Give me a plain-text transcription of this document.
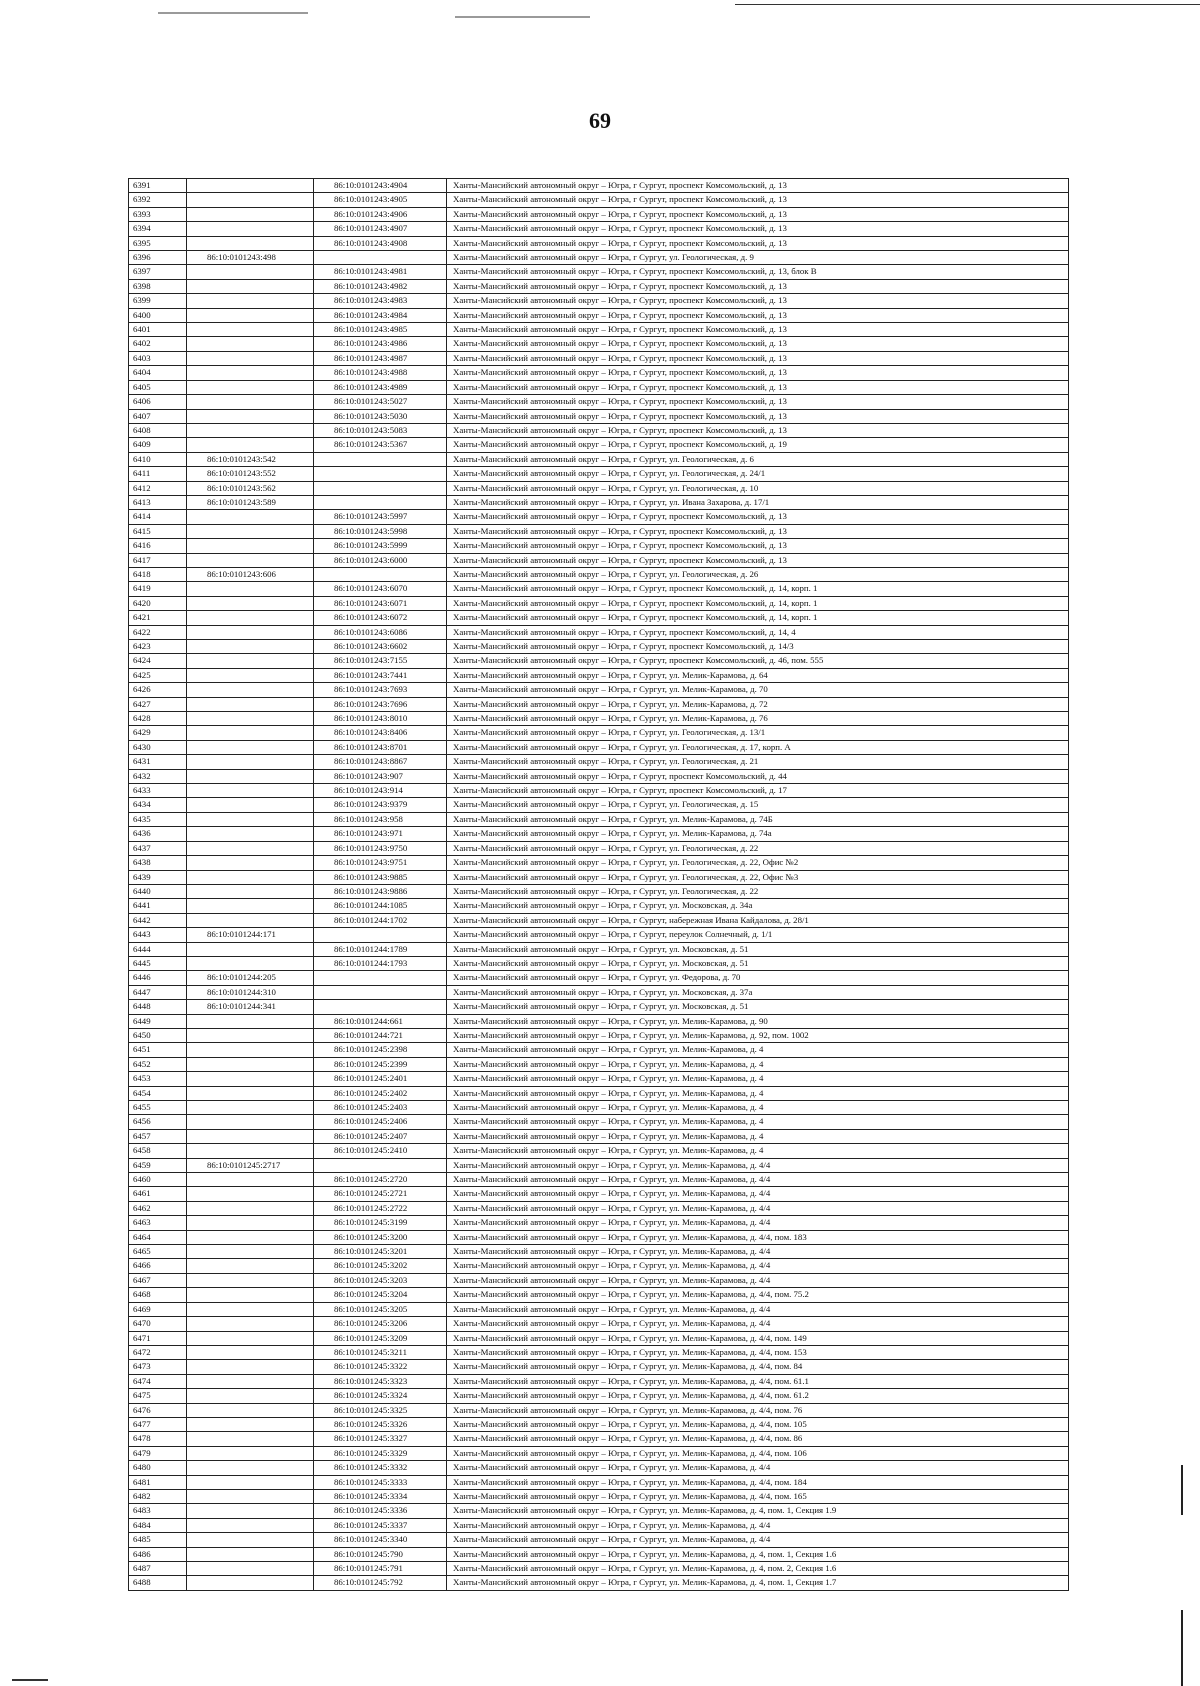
69
6391		86:10:0101243:4904	Ханты-Мансийский автономный округ – Югра, г Сургут, проспект Комсомольский, д. 13
6392		86:10:0101243:4905	Ханты-Мансийский автономный округ – Югра, г Сургут, проспект Комсомольский, д. 13
6393		86:10:0101243:4906	Ханты-Мансийский автономный округ – Югра, г Сургут, проспект Комсомольский, д. 13
6394		86:10:0101243:4907	Ханты-Мансийский автономный округ – Югра, г Сургут, проспект Комсомольский, д. 13
6395		86:10:0101243:4908	Ханты-Мансийский автономный округ – Югра, г Сургут, проспект Комсомольский, д. 13
6396	86:10:0101243:498		Ханты-Мансийский автономный округ – Югра, г Сургут, ул. Геологическая, д. 9
6397		86:10:0101243:4981	Ханты-Мансийский автономный округ – Югра, г Сургут, проспект Комсомольский, д. 13, блок В
6398		86:10:0101243:4982	Ханты-Мансийский автономный округ – Югра, г Сургут, проспект Комсомольский, д. 13
6399		86:10:0101243:4983	Ханты-Мансийский автономный округ – Югра, г Сургут, проспект Комсомольский, д. 13
6400		86:10:0101243:4984	Ханты-Мансийский автономный округ – Югра, г Сургут, проспект Комсомольский, д. 13
6401		86:10:0101243:4985	Ханты-Мансийский автономный округ – Югра, г Сургут, проспект Комсомольский, д. 13
6402		86:10:0101243:4986	Ханты-Мансийский автономный округ – Югра, г Сургут, проспект Комсомольский, д. 13
6403		86:10:0101243:4987	Ханты-Мансийский автономный округ – Югра, г Сургут, проспект Комсомольский, д. 13
6404		86:10:0101243:4988	Ханты-Мансийский автономный округ – Югра, г Сургут, проспект Комсомольский, д. 13
6405		86:10:0101243:4989	Ханты-Мансийский автономный округ – Югра, г Сургут, проспект Комсомольский, д. 13
6406		86:10:0101243:5027	Ханты-Мансийский автономный округ – Югра, г Сургут, проспект Комсомольский, д. 13
6407		86:10:0101243:5030	Ханты-Мансийский автономный округ – Югра, г Сургут, проспект Комсомольский, д. 13
6408		86:10:0101243:5083	Ханты-Мансийский автономный округ – Югра, г Сургут, проспект Комсомольский, д. 13
6409		86:10:0101243:5367	Ханты-Мансийский автономный округ – Югра, г Сургут, проспект Комсомольский, д. 19
6410	86:10:0101243:542		Ханты-Мансийский автономный округ – Югра, г Сургут, ул. Геологическая, д. 6
6411	86:10:0101243:552		Ханты-Мансийский автономный округ – Югра, г Сургут, ул. Геологическая, д. 24/1
6412	86:10:0101243:562		Ханты-Мансийский автономный округ – Югра, г Сургут, ул. Геологическая, д. 10
6413	86:10:0101243:589		Ханты-Мансийский автономный округ – Югра, г Сургут, ул. Ивана Захарова, д. 17/1
6414		86:10:0101243:5997	Ханты-Мансийский автономный округ – Югра, г Сургут, проспект Комсомольский, д. 13
6415		86:10:0101243:5998	Ханты-Мансийский автономный округ – Югра, г Сургут, проспект Комсомольский, д. 13
6416		86:10:0101243:5999	Ханты-Мансийский автономный округ – Югра, г Сургут, проспект Комсомольский, д. 13
6417		86:10:0101243:6000	Ханты-Мансийский автономный округ – Югра, г Сургут, проспект Комсомольский, д. 13
6418	86:10:0101243:606		Ханты-Мансийский автономный округ – Югра, г Сургут, ул. Геологическая, д. 26
6419		86:10:0101243:6070	Ханты-Мансийский автономный округ – Югра, г Сургут, проспект Комсомольский, д. 14, корп. 1
6420		86:10:0101243:6071	Ханты-Мансийский автономный округ – Югра, г Сургут, проспект Комсомольский, д. 14, корп. 1
6421		86:10:0101243:6072	Ханты-Мансийский автономный округ – Югра, г Сургут, проспект Комсомольский, д. 14, корп. 1
6422		86:10:0101243:6086	Ханты-Мансийский автономный округ – Югра, г Сургут, проспект Комсомольский, д. 14, 4
6423		86:10:0101243:6602	Ханты-Мансийский автономный округ – Югра, г Сургут, проспект Комсомольский, д. 14/3
6424		86:10:0101243:7155	Ханты-Мансийский автономный округ – Югра, г Сургут, проспект Комсомольский, д. 46, пом. 555
6425		86:10:0101243:7441	Ханты-Мансийский автономный округ – Югра, г Сургут, ул. Мелик-Карамова, д. 64
6426		86:10:0101243:7693	Ханты-Мансийский автономный округ – Югра, г Сургут, ул. Мелик-Карамова, д. 70
6427		86:10:0101243:7696	Ханты-Мансийский автономный округ – Югра, г Сургут, ул. Мелик-Карамова, д. 72
6428		86:10:0101243:8010	Ханты-Мансийский автономный округ – Югра, г Сургут, ул. Мелик-Карамова, д. 76
6429		86:10:0101243:8406	Ханты-Мансийский автономный округ – Югра, г Сургут, ул. Геологическая, д. 13/1
6430		86:10:0101243:8701	Ханты-Мансийский автономный округ – Югра, г Сургут, ул. Геологическая, д. 17, корп. А
6431		86:10:0101243:8867	Ханты-Мансийский автономный округ – Югра, г Сургут, ул. Геологическая, д. 21
6432		86:10:0101243:907	Ханты-Мансийский автономный округ – Югра, г Сургут, проспект Комсомольский, д. 44
6433		86:10:0101243:914	Ханты-Мансийский автономный округ – Югра, г Сургут, проспект Комсомольский, д. 17
6434		86:10:0101243:9379	Ханты-Мансийский автономный округ – Югра, г Сургут, ул. Геологическая, д. 15
6435		86:10:0101243:958	Ханты-Мансийский автономный округ – Югра, г Сургут, ул. Мелик-Карамова, д. 74Б
6436		86:10:0101243:971	Ханты-Мансийский автономный округ – Югра, г Сургут, ул. Мелик-Карамова, д. 74а
6437		86:10:0101243:9750	Ханты-Мансийский автономный округ – Югра, г Сургут, ул. Геологическая, д. 22
6438		86:10:0101243:9751	Ханты-Мансийский автономный округ – Югра, г Сургут, ул. Геологическая, д. 22, Офис №2
6439		86:10:0101243:9885	Ханты-Мансийский автономный округ – Югра, г Сургут, ул. Геологическая, д. 22, Офис №3
6440		86:10:0101243:9886	Ханты-Мансийский автономный округ – Югра, г Сургут, ул. Геологическая, д. 22
6441		86:10:0101244:1085	Ханты-Мансийский автономный округ – Югра, г Сургут, ул. Московская, д. 34а
6442		86:10:0101244:1702	Ханты-Мансийский автономный округ – Югра, г Сургут, набережная Ивана Кайдалова, д. 28/1
6443	86:10:0101244:171		Ханты-Мансийский автономный округ – Югра, г Сургут, переулок Солнечный, д. 1/1
6444		86:10:0101244:1789	Ханты-Мансийский автономный округ – Югра, г Сургут, ул. Московская, д. 51
6445		86:10:0101244:1793	Ханты-Мансийский автономный округ – Югра, г Сургут, ул. Московская, д. 51
6446	86:10:0101244:205		Ханты-Мансийский автономный округ – Югра, г Сургут, ул. Федорова, д. 70
6447	86:10:0101244:310		Ханты-Мансийский автономный округ – Югра, г Сургут, ул. Московская, д. 37а
6448	86:10:0101244:341		Ханты-Мансийский автономный округ – Югра, г Сургут, ул. Московская, д. 51
6449		86:10:0101244:661	Ханты-Мансийский автономный округ – Югра, г Сургут, ул. Мелик-Карамова, д. 90
6450		86:10:0101244:721	Ханты-Мансийский автономный округ – Югра, г Сургут, ул. Мелик-Карамова, д. 92, пом. 1002
6451		86:10:0101245:2398	Ханты-Мансийский автономный округ – Югра, г Сургут, ул. Мелик-Карамова, д. 4
6452		86:10:0101245:2399	Ханты-Мансийский автономный округ – Югра, г Сургут, ул. Мелик-Карамова, д. 4
6453		86:10:0101245:2401	Ханты-Мансийский автономный округ – Югра, г Сургут, ул. Мелик-Карамова, д. 4
6454		86:10:0101245:2402	Ханты-Мансийский автономный округ – Югра, г Сургут, ул. Мелик-Карамова, д. 4
6455		86:10:0101245:2403	Ханты-Мансийский автономный округ – Югра, г Сургут, ул. Мелик-Карамова, д. 4
6456		86:10:0101245:2406	Ханты-Мансийский автономный округ – Югра, г Сургут, ул. Мелик-Карамова, д. 4
6457		86:10:0101245:2407	Ханты-Мансийский автономный округ – Югра, г Сургут, ул. Мелик-Карамова, д. 4
6458		86:10:0101245:2410	Ханты-Мансийский автономный округ – Югра, г Сургут, ул. Мелик-Карамова, д. 4
6459	86:10:0101245:2717		Ханты-Мансийский автономный округ – Югра, г Сургут, ул. Мелик-Карамова, д. 4/4
6460		86:10:0101245:2720	Ханты-Мансийский автономный округ – Югра, г Сургут, ул. Мелик-Карамова, д. 4/4
6461		86:10:0101245:2721	Ханты-Мансийский автономный округ – Югра, г Сургут, ул. Мелик-Карамова, д. 4/4
6462		86:10:0101245:2722	Ханты-Мансийский автономный округ – Югра, г Сургут, ул. Мелик-Карамова, д. 4/4
6463		86:10:0101245:3199	Ханты-Мансийский автономный округ – Югра, г Сургут, ул. Мелик-Карамова, д. 4/4
6464		86:10:0101245:3200	Ханты-Мансийский автономный округ – Югра, г Сургут, ул. Мелик-Карамова, д. 4/4, пом. 183
6465		86:10:0101245:3201	Ханты-Мансийский автономный округ – Югра, г Сургут, ул. Мелик-Карамова, д. 4/4
6466		86:10:0101245:3202	Ханты-Мансийский автономный округ – Югра, г Сургут, ул. Мелик-Карамова, д. 4/4
6467		86:10:0101245:3203	Ханты-Мансийский автономный округ – Югра, г Сургут, ул. Мелик-Карамова, д. 4/4
6468		86:10:0101245:3204	Ханты-Мансийский автономный округ – Югра, г Сургут, ул. Мелик-Карамова, д. 4/4, пом. 75.2
6469		86:10:0101245:3205	Ханты-Мансийский автономный округ – Югра, г Сургут, ул. Мелик-Карамова, д. 4/4
6470		86:10:0101245:3206	Ханты-Мансийский автономный округ – Югра, г Сургут, ул. Мелик-Карамова, д. 4/4
6471		86:10:0101245:3209	Ханты-Мансийский автономный округ – Югра, г Сургут, ул. Мелик-Карамова, д. 4/4, пом. 149
6472		86:10:0101245:3211	Ханты-Мансийский автономный округ – Югра, г Сургут, ул. Мелик-Карамова, д. 4/4, пом. 153
6473		86:10:0101245:3322	Ханты-Мансийский автономный округ – Югра, г Сургут, ул. Мелик-Карамова, д. 4/4, пом. 84
6474		86:10:0101245:3323	Ханты-Мансийский автономный округ – Югра, г Сургут, ул. Мелик-Карамова, д. 4/4, пом. 61.1
6475		86:10:0101245:3324	Ханты-Мансийский автономный округ – Югра, г Сургут, ул. Мелик-Карамова, д. 4/4, пом. 61.2
6476		86:10:0101245:3325	Ханты-Мансийский автономный округ – Югра, г Сургут, ул. Мелик-Карамова, д. 4/4, пом. 76
6477		86:10:0101245:3326	Ханты-Мансийский автономный округ – Югра, г Сургут, ул. Мелик-Карамова, д. 4/4, пом. 105
6478		86:10:0101245:3327	Ханты-Мансийский автономный округ – Югра, г Сургут, ул. Мелик-Карамова, д. 4/4, пом. 86
6479		86:10:0101245:3329	Ханты-Мансийский автономный округ – Югра, г Сургут, ул. Мелик-Карамова, д. 4/4, пом. 106
6480		86:10:0101245:3332	Ханты-Мансийский автономный округ – Югра, г Сургут, ул. Мелик-Карамова, д. 4/4
6481		86:10:0101245:3333	Ханты-Мансийский автономный округ – Югра, г Сургут, ул. Мелик-Карамова, д. 4/4, пом. 184
6482		86:10:0101245:3334	Ханты-Мансийский автономный округ – Югра, г Сургут, ул. Мелик-Карамова, д. 4/4, пом. 165
6483		86:10:0101245:3336	Ханты-Мансийский автономный округ – Югра, г Сургут, ул. Мелик-Карамова, д. 4, пом. 1, Секция 1.9
6484		86:10:0101245:3337	Ханты-Мансийский автономный округ – Югра, г Сургут, ул. Мелик-Карамова, д. 4/4
6485		86:10:0101245:3340	Ханты-Мансийский автономный округ – Югра, г Сургут, ул. Мелик-Карамова, д. 4/4
6486		86:10:0101245:790	Ханты-Мансийский автономный округ – Югра, г Сургут, ул. Мелик-Карамова, д. 4, пом. 1, Секция 1.6
6487		86:10:0101245:791	Ханты-Мансийский автономный округ – Югра, г Сургут, ул. Мелик-Карамова, д. 4, пом. 2, Секция 1.6
6488		86:10:0101245:792	Ханты-Мансийский автономный округ – Югра, г Сургут, ул. Мелик-Карамова, д. 4, пом. 1, Секция 1.7
